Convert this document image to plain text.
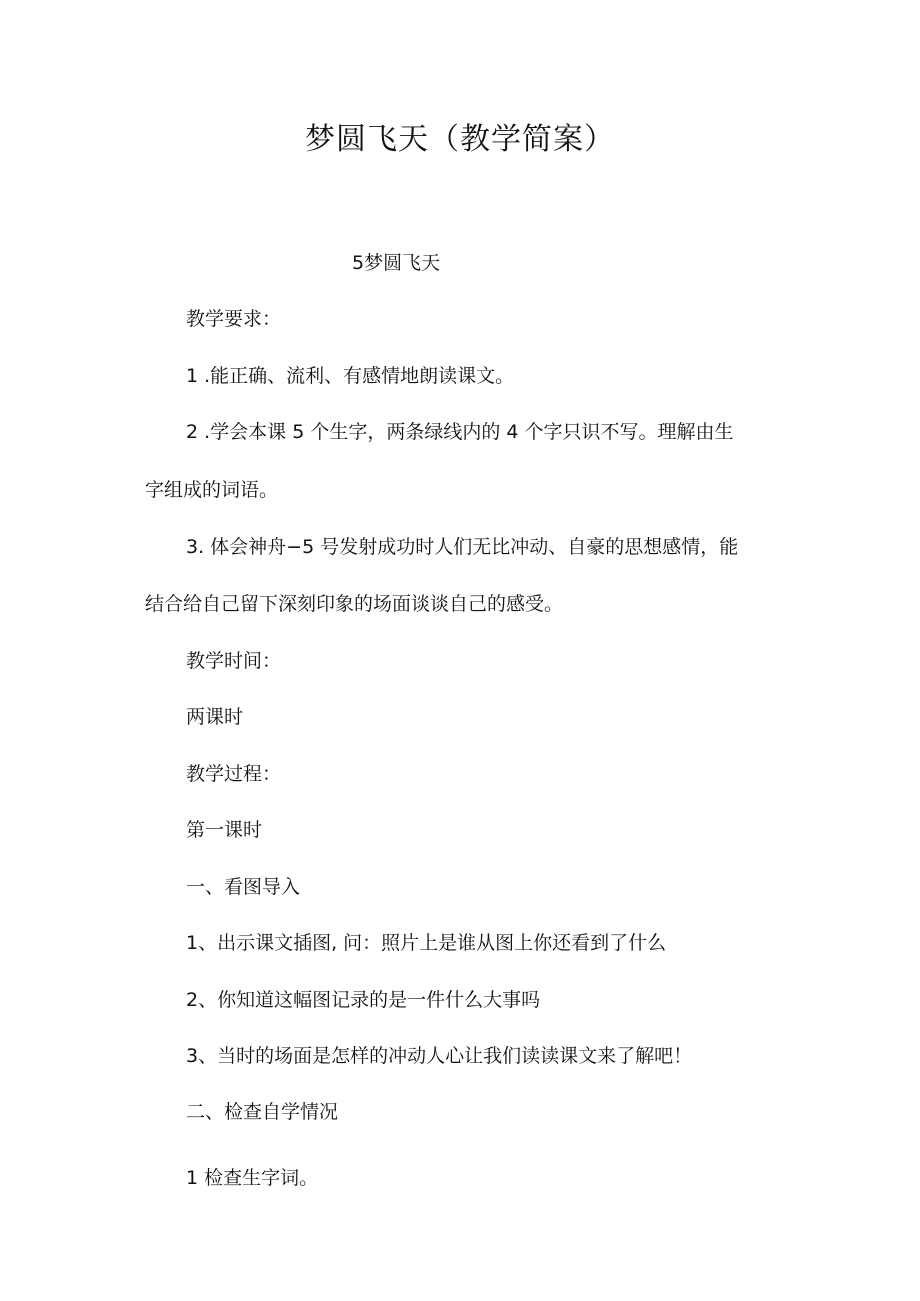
梦圆飞天（教学简案）
5梦圆飞天
教学要求：
1 .能正确、流利、有感情地朗读课文。
2 .学会本课 5 个生字，两条绿线内的 4 个字只识不写。理解由生
字组成的词语。
3. 体会神舟−5 号发射成功时人们无比冲动、自豪的思想感情，能
结合给自己留下深刻印象的场面谈谈自己的感受。
教学时间：
两课时
教学过程：
第一课时
一、看图导入
1、出示课文插图, 问：照片上是谁从图上你还看到了什么
2、你知道这幅图记录的是一件什么大事吗
3、当时的场面是怎样的冲动人心让我们读读课文来了解吧！
二、检查自学情况
1 检查生字词。
